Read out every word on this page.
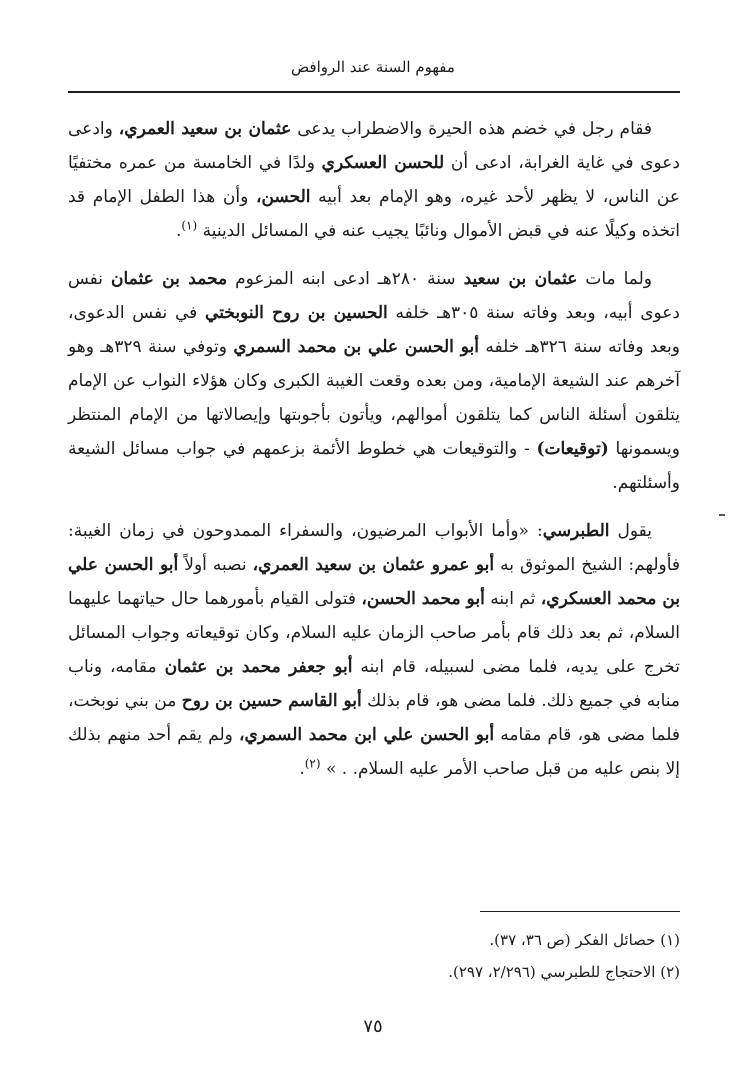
مفهوم السنة عند الروافض

فقام رجل في خضم هذه الحيرة والاضطراب يدعى عثمان بن سعيد العمري، وادعى دعوى في غاية الغرابة، ادعى أن للحسن العسكري ولدًا في الخامسة من عمره مختفيًا عن الناس، لا يظهر لأحد غيره، وهو الإمام بعد أبيه الحسن، وأن هذا الطفل الإمام قد اتخذه وكيلًا عنه في قبض الأموال ونائبًا يجيب عنه في المسائل الدينية $^{(١)}$.

ولما مات عثمان بن سعيد سنة ٢٨٠هـ ادعى ابنه المزعوم محمد بن عثمان نفس دعوى أبيه، وبعد وفاته سنة ٣٠٥هـ خلفه الحسين بن روح النوبختي في نفس الدعوى، وبعد وفاته سنة ٣٢٦هـ خلفه أبو الحسن علي بن محمد السمري وتوفي سنة ٣٢٩هـ وهو آخرهم عند الشيعة الإمامية، ومن بعده وقعت الغيبة الكبرى وكان هؤلاء النواب عن الإمام يتلقون أسئلة الناس كما يتلقون أموالهم، ويأتون بأجوبتها وإيصالاتها من الإمام المنتظر ويسمونها (توقيعات) - والتوقيعات هي خطوط الأئمة بزعمهم في جواب مسائل الشيعة وأسئلتهم.

يقول الطبرسي: «وأما الأبواب المرضيون، والسفراء الممدوحون في زمان الغيبة: فأولهم: الشيخ الموثوق به أبو عمرو عثمان بن سعيد العمري، نصبه أولاً أبو الحسن علي بن محمد العسكري، ثم ابنه أبو محمد الحسن، فتولى القيام بأمورهما حال حياتهما عليهما السلام، ثم بعد ذلك قام بأمر صاحب الزمان عليه السلام، وكان توقيعاته وجواب المسائل تخرج على يديه، فلما مضى لسبيله، قام ابنه أبو جعفر محمد بن عثمان مقامه، وناب منابه في جميع ذلك. فلما مضى هو، قام بذلك أبو القاسم حسين بن روح من بني نوبخت، فلما مضى هو، قام مقامه أبو الحسن علي ابن محمد السمري، ولم يقم أحد منهم بذلك إلا بنص عليه من قبل صاحب الأمر عليه السلام. . » $^{(٢)}$.

(١) حصائل الفكر (ص ٣٦، ٣٧).
(٢) الاحتجاج للطبرسي (٢/٢٩٦، ٢٩٧).
٧٥
